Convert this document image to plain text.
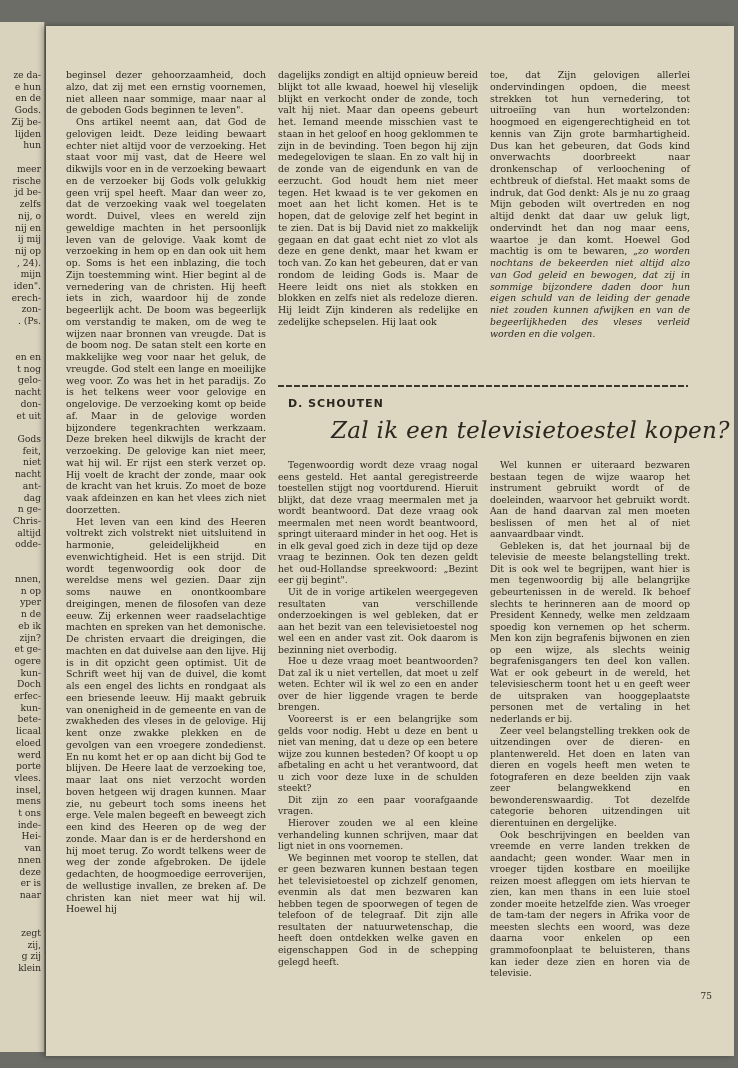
ze da-
e hun
en de
Gods.
Zij be-
lijden
hun

meer
rische
jd be-
zelfs
nij, o
nij en
ij mij
nij op
, 24).
mijn
iden".
erech-
zon-
. (Ps.

en en
t nog
gelo-
nacht
don-
et uit

Gods
feit,
niet
nacht
ant-
dag
n ge-
Chris-
altijd
odde-

nnen,
n op
yper
n de
eb ik
zijn?
et ge-
ogere
kun-
Doch
erfec-
kun-
bete-
licaal
eloed
werd
porte
vlees.
insel,
mens
t ons
inde-
Hei-
van
nnen
deze
er is
naar

zegt
zij,
g zij
klein

beginsel dezer gehoorzaamheid, doch alzo, dat zij met een ernstig voornemen, niet alleen naar sommige, maar naar al de geboden Gods beginnen te leven".

Ons artikel neemt aan, dat God de gelovigen leidt. Deze leiding bewaart echter niet altijd voor de verzoeking. Het staat voor mij vast, dat de Heere wel dikwijls voor en in de verzoeking bewaart en de verzoeker bij Gods volk gelukkig geen vrij spel heeft. Maar dan weer zo, dat de verzoeking vaak wel toegelaten wordt. Duivel, vlees en wereld zijn geweldige machten in het persoonlijk leven van de gelovige. Vaak komt de verzoeking in hem op en dan ook uit hem op. Soms is het een inblazing, die toch Zijn toestemming wint. Hier begint al de vernedering van de christen. Hij heeft iets in zich, waardoor hij de zonde begeerlijk acht. De boom was begeerlijk om verstandig te maken, om de weg te wijzen naar bronnen van vreugde. Dat is de boom nog. De satan stelt een korte en makkelijke weg voor naar het geluk, de vreugde. God stelt een lange en moeilijke weg voor. Zo was het in het paradijs. Zo is het telkens weer voor gelovige en ongelovige. De verzoeking komt op beide af. Maar in de gelovige worden bijzondere tegenkrachten werkzaam. Deze breken heel dikwijls de kracht der verzoeking. De gelovige kan niet meer, wat hij wil. Er rijst een sterk verzet op. Hij voelt de kracht der zonde, maar ook de kracht van het kruis. Zo moet de boze vaak afdeinzen en kan het vlees zich niet doorzetten.

Het leven van een kind des Heeren voltrekt zich volstrekt niet uitsluitend in harmonie, geleidelijkheid en evenwichtigheid. Het is een strijd. Dit wordt tegenwoordig ook door de wereldse mens wel gezien. Daar zijn soms nauwe en onontkoombare dreigingen, menen de filosofen van deze eeuw. Zij erkennen weer raadselachtige machten en spreken van het demonische. De christen ervaart die dreigingen, die machten en dat duivelse aan den lijve. Hij is in dit opzicht geen optimist. Uit de Schrift weet hij van de duivel, die komt als een engel des lichts en rondgaat als een briesende leeuw. Hij maakt gebruik van onenigheid in de gemeente en van de zwakheden des vleses in de gelovige. Hij kent onze zwakke plekken en de gevolgen van een vroegere zondedienst. En nu komt het er op aan dicht bij God te blijven. De Heere laat de verzoeking toe, maar laat ons niet verzocht worden boven hetgeen wij dragen kunnen. Maar zie, nu gebeurt toch soms ineens het erge. Vele malen begeeft en beweegt zich een kind des Heeren op de weg der zonde. Maar dan is er de herdershond en hij moet terug. Zo wordt telkens weer de weg der zonde afgebroken. De ijdele gedachten, de hoogmoedige eerroverijen, de wellustige invallen, ze breken af. De christen kan niet meer wat hij wil. Hoewel hij

dagelijks zondigt en altijd opnieuw bereid blijkt tot alle kwaad, hoewel hij vleselijk blijkt en verkocht onder de zonde, toch valt hij niet. Maar dan opeens gebeurt het. Iemand meende misschien vast te staan in het geloof en hoog geklommen te zijn in de bevinding. Toen begon hij zijn medegelovigen te slaan. En zo valt hij in de zonde van de eigendunk en van de eerzucht. God houdt hem niet meer tegen. Het kwaad is te ver gekomen en moet aan het licht komen. Het is te hopen, dat de gelovige zelf het begint in te zien. Dat is bij David niet zo makkelijk gegaan en dat gaat echt niet zo vlot als deze en gene denkt, maar het kwam er toch van. Zo kan het gebeuren, dat er van rondom de leiding Gods is. Maar de Heere leidt ons niet als stokken en blokken en zelfs niet als redeloze dieren. Hij leidt Zijn kinderen als redelijke en zedelijke schepselen. Hij laat ook

toe, dat Zijn gelovigen allerlei ondervindingen opdoen, die meest strekken tot hun vernedering, tot uitroeiïng van hun wortelzonden: hoogmoed en eigengerechtigheid en tot kennis van Zijn grote barmhartigheid. Dus kan het gebeuren, dat Gods kind onverwachts doorbreekt naar dronkenschap of verloochening of echtbreuk of diefstal. Het maakt soms de indruk, dat God denkt: Als je nu zo graag Mijn geboden wilt overtreden en nog altijd denkt dat daar uw geluk ligt, ondervindt het dan nog maar eens, waartoe je dan komt. Hoewel God machtig is om te bewaren, „zo worden nochtans de bekeerden niet altijd alzo van God geleid en bewogen, dat zij in sommige bijzondere daden door hun eigen schuld van de leiding der genade niet zouden kunnen afwijken en van de begeerlijkheden des vleses verleid worden en die volgen.

D. SCHOUTEN
Zal ik een televisietoestel kopen?

Tegenwoordig wordt deze vraag nogal eens gesteld. Het aantal geregistreerde toestellen stijgt nog voortdurend. Hieruit blijkt, dat deze vraag meermalen met ja wordt beantwoord. Dat deze vraag ook meermalen met neen wordt beantwoord, springt uiteraard minder in het oog. Het is in elk geval goed zich in deze tijd op deze vraag te bezinnen. Ook ten dezen geldt het oud-Hollandse spreekwoord: „Bezint eer gij begint".

Uit de in vorige artikelen weergegeven resultaten van verschillende onderzoekingen is wel gebleken, dat er aan het bezit van een televisietoestel nog wel een en ander vast zit. Ook daarom is bezinning niet overbodig.

Hoe u deze vraag moet beantwoorden? Dat zal ik u niet vertellen, dat moet u zelf weten. Echter wil ik wel zo een en ander over de hier liggende vragen te berde brengen.

Vooreerst is er een belangrijke som gelds voor nodig. Hebt u deze en bent u niet van mening, dat u deze op een betere wijze zou kunnen besteden? Of koopt u op afbetaling en acht u het verantwoord, dat u zich voor deze luxe in de schulden steekt?

Dit zijn zo een paar voorafgaande vragen.

Hierover zouden we al een kleine verhandeling kunnen schrijven, maar dat ligt niet in ons voornemen.

We beginnen met voorop te stellen, dat er geen bezwaren kunnen bestaan tegen het televisietoestel op zichzelf genomen, evenmin als dat men bezwaren kan hebben tegen de spoorwegen of tegen de telefoon of de telegraaf. Dit zijn alle resultaten der natuurwetenschap, die heeft doen ontdekken welke gaven en eigenschappen God in de schepping gelegd heeft.

Wel kunnen er uiteraard bezwaren bestaan tegen de wijze waarop het instrument gebruikt wordt of de doeleinden, waarvoor het gebruikt wordt. Aan de hand daarvan zal men moeten beslissen of men het al of niet aanvaardbaar vindt.

Gebleken is, dat het journaal bij de televisie de meeste belangstelling trekt. Dit is ook wel te begrijpen, want hier is men tegenwoordig bij alle belangrijke gebeurtenissen in de wereld. Ik behoef slechts te herinneren aan de moord op President Kennedy, welke men zeldzaam spoedig kon vernemen op het scherm. Men kon zijn begrafenis bijwonen en zien op een wijze, als slechts weinig begrafenisgangers ten deel kon vallen. Wat er ook gebeurt in de wereld, het televisiescherm toont het u en geeft weer de uitspraken van hooggeplaatste personen met de vertaling in het nederlands er bij.

Zeer veel belangstelling trekken ook de uitzendingen over de dieren- en plantenwereld. Het doen en laten van dieren en vogels heeft men weten te fotograferen en deze beelden zijn vaak zeer belangwekkend en bewonderenswaardig. Tot dezelfde categorie behoren uitzendingen uit dierentuinen en dergelijke.

Ook beschrijvingen en beelden van vreemde en verre landen trekken de aandacht; geen wonder. Waar men in vroeger tijden kostbare en moeilijke reizen moest afleggen om iets hiervan te zien, kan men thans in een luie stoel zonder moeite hetzelfde zien. Was vroeger de tam-tam der negers in Afrika voor de meesten slechts een woord, was deze daarna voor enkelen op een grammofoonplaat te beluisteren, thans kan ieder deze zien en horen via de televisie.

75
